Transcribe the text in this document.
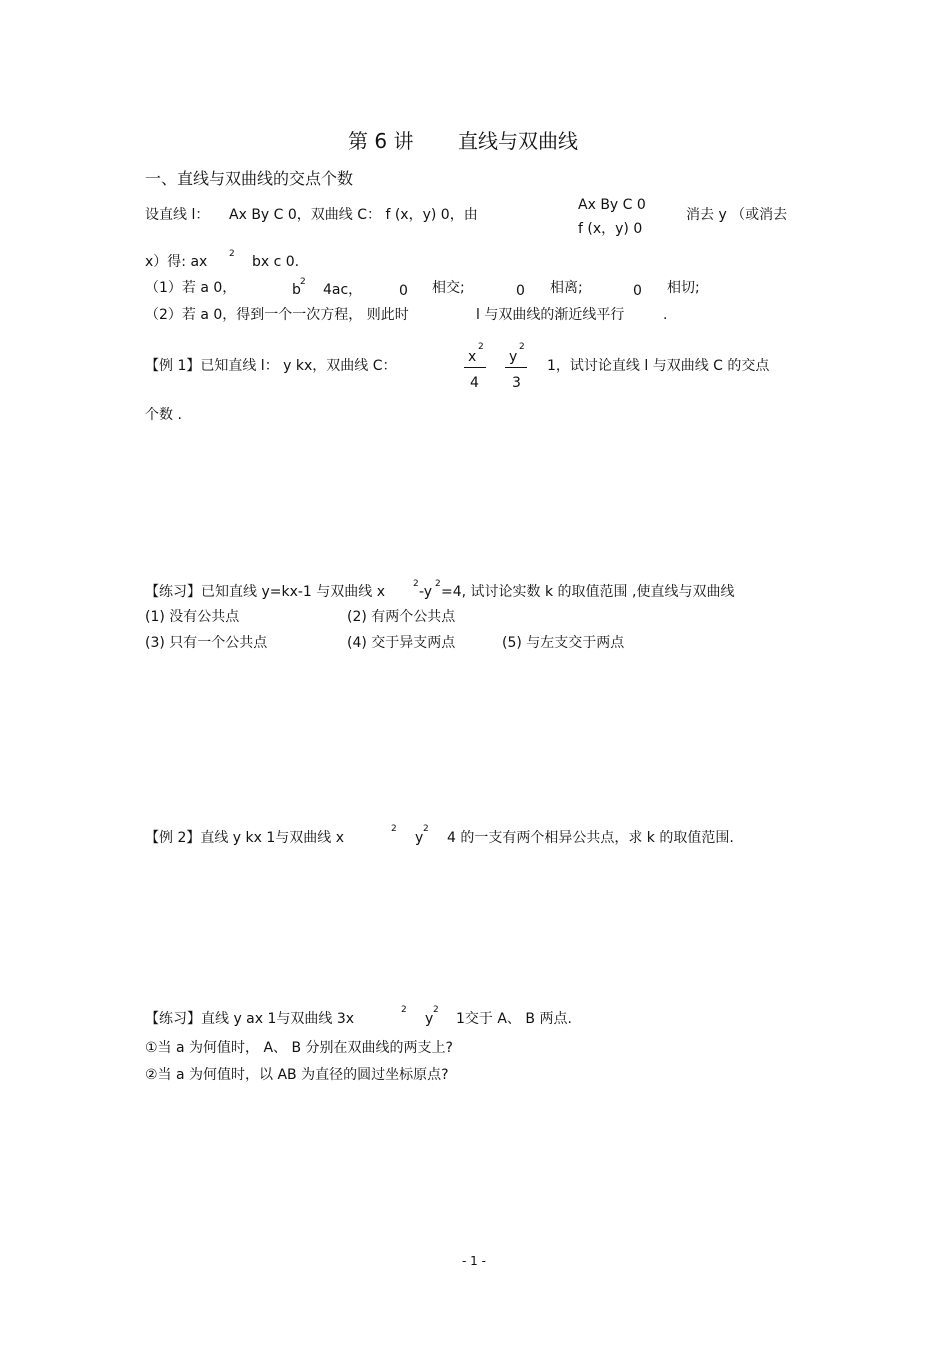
第 6 讲 直线与双曲线
一、直线与双曲线的交点个数
设直线 l： Ax By C 0，双曲线 C： f (x，y) 0，由
Ax By C 0
f (x，y) 0
消去 y （或消去
x）得: ax 2 bx c 0.
（1）若 a 0，	b 2 4ac，	0 相交;	0 相离;	0 相切;
（2）若 a 0，得到一个一次方程， 则此时	l 与双曲线的渐近线平行	.
【例 1】已知直线 l： y kx，双曲线 C：
x
2
4
y
2
3
1，试讨论直线 l 与双曲线 C 的交点
个数 .
【练习】已知直线 y=kx-1 与双曲线 x	2 -y 2 =4, 试讨论实数 k 的取值范围 ,使直线与双曲线
(1) 没有公共点	(2) 有两个公共点
(3) 只有一个公共点	(4) 交于异支两点	(5) 与左支交于两点
【例 2】直线 y kx 1与双曲线 x
2
y
2
4 的一支有两个相异公共点，求 k 的取值范围.
【练习】直线 y ax 1与双曲线 3x
2
y
2
1交于 A、 B 两点.
①当 a 为何值时， A、 B 分别在双曲线的两支上?
②当 a 为何值时，以 AB 为直径的圆过坐标原点?
- 1 -
